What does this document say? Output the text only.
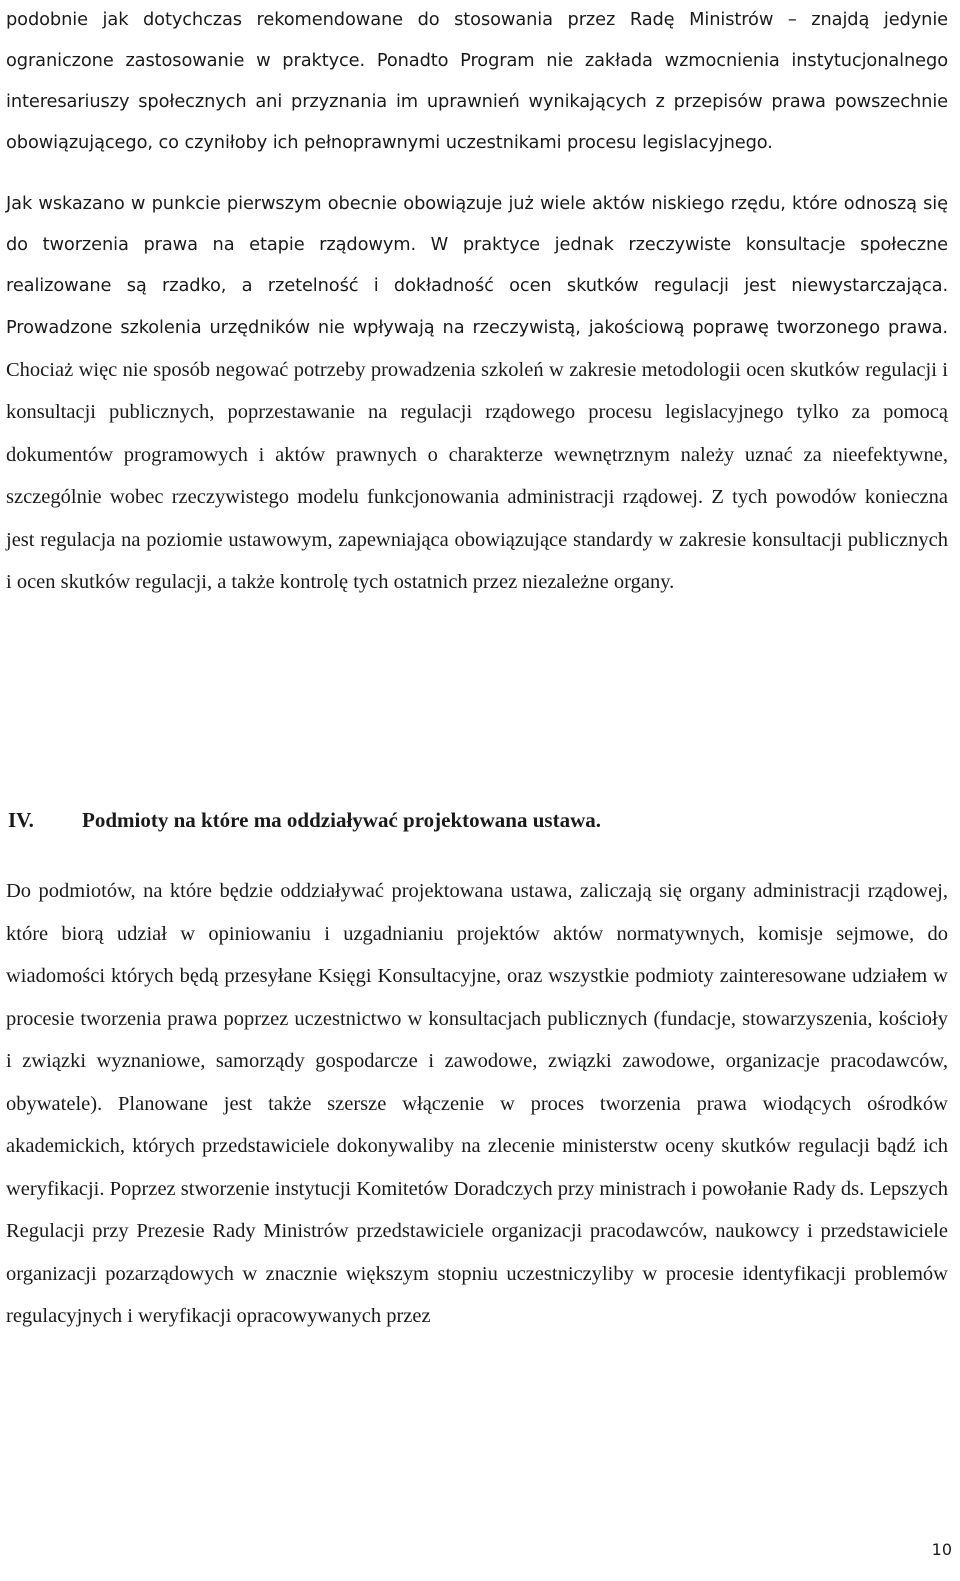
podobnie jak dotychczas rekomendowane do stosowania przez Radę Ministrów – znajdą jedynie ograniczone zastosowanie w praktyce. Ponadto Program nie zakłada wzmocnienia instytucjonalnego interesariuszy społecznych ani przyznania im uprawnień wynikających z przepisów prawa powszechnie obowiązującego, co czyniłoby ich pełnoprawnymi uczestnikami procesu legislacyjnego.

Jak wskazano w punkcie pierwszym obecnie obowiązuje już wiele aktów niskiego rzędu, które odnoszą się do tworzenia prawa na etapie rządowym. W praktyce jednak rzeczywiste konsultacje społeczne realizowane są rzadko, a rzetelność i dokładność ocen skutków regulacji jest niewystarczająca. Prowadzone szkolenia urzędników nie wpływają na rzeczywistą, jakościową poprawę tworzonego prawa. Chociaż więc nie sposób negować potrzeby prowadzenia szkoleń w zakresie metodologii ocen skutków regulacji i konsultacji publicznych, poprzestawanie na regulacji rządowego procesu legislacyjnego tylko za pomocą dokumentów programowych i aktów prawnych o charakterze wewnętrznym należy uznać za nieefektywne, szczególnie wobec rzeczywistego modelu funkcjonowania administracji rządowej. Z tych powodów konieczna jest regulacja na poziomie ustawowym, zapewniająca obowiązujące standardy w zakresie konsultacji publicznych i ocen skutków regulacji, a także kontrolę tych ostatnich przez niezależne organy.

IV.	Podmioty na które ma oddziaływać projektowana ustawa.

Do podmiotów, na które będzie oddziaływać projektowana ustawa, zaliczają się organy administracji rządowej, które biorą udział w opiniowaniu i uzgadnianiu projektów aktów normatywnych, komisje sejmowe, do wiadomości których będą przesyłane Księgi Konsultacyjne, oraz wszystkie podmioty zainteresowane udziałem w procesie tworzenia prawa poprzez uczestnictwo w konsultacjach publicznych (fundacje, stowarzyszenia, kościoły i związki wyznaniowe, samorządy gospodarcze i zawodowe, związki zawodowe, organizacje pracodawców, obywatele). Planowane jest także szersze włączenie w proces tworzenia prawa wiodących ośrodków akademickich, których przedstawiciele dokonywaliby na zlecenie ministerstw oceny skutków regulacji bądź ich weryfikacji. Poprzez stworzenie instytucji Komitetów Doradczych przy ministrach i powołanie Rady ds. Lepszych Regulacji przy Prezesie Rady Ministrów przedstawiciele organizacji pracodawców, naukowcy i przedstawiciele organizacji pozarządowych w znacznie większym stopniu uczestniczyliby w procesie identyfikacji problemów regulacyjnych i weryfikacji opracowywanych przez

10
